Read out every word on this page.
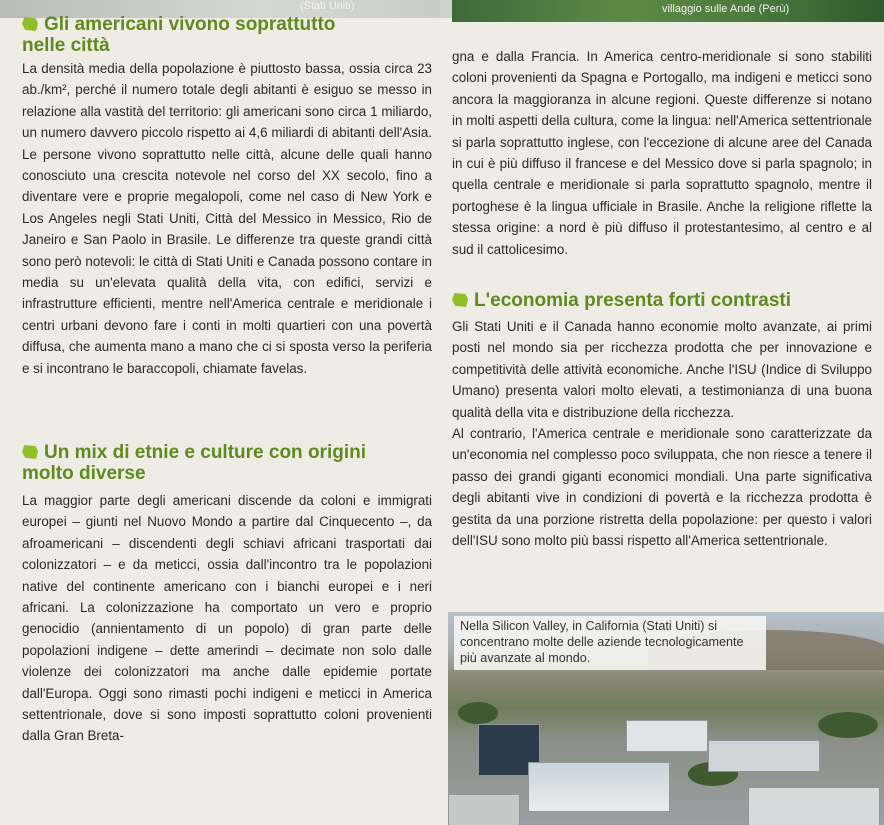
(Stati Uniti)	villaggio sulle Ande (Perù)
Gli americani vivono soprattutto nelle città

La densità media della popolazione è piuttosto bassa, ossia circa 23 ab./km², perché il numero totale degli abitanti è esiguo se messo in relazione alla vastità del territorio: gli americani sono circa 1 miliardo, un numero davvero piccolo rispetto ai 4,6 miliardi di abitanti dell'Asia. Le persone vivono soprattutto nelle città, alcune delle quali hanno conosciuto una crescita notevole nel corso del XX secolo, fino a diventare vere e proprie megalopoli, come nel caso di New York e Los Angeles negli Stati Uniti, Città del Messico in Messico, Rio de Janeiro e San Paolo in Brasile. Le differenze tra queste grandi città sono però notevoli: le città di Stati Uniti e Canada possono contare in media su un'elevata qualità della vita, con edifici, servizi e infrastrutture efficienti, mentre nell'America centrale e meridionale i centri urbani devono fare i conti in molti quartieri con una povertà diffusa, che aumenta mano a mano che ci si sposta verso la periferia e si incontrano le baraccopoli, chiamate favelas.

Un mix di etnie e culture con origini molto diverse

La maggior parte degli americani discende da coloni e immigrati europei – giunti nel Nuovo Mondo a partire dal Cinquecento –, da afroamericani – discendenti degli schiavi africani trasportati dai colonizzatori – e da meticci, ossia dall'incontro tra le popolazioni native del continente americano con i bianchi europei e i neri africani. La colonizzazione ha comportato un vero e proprio genocidio (annientamento di un popolo) di gran parte delle popolazioni indigene – dette amerindi – decimate non solo dalle violenze dei colonizzatori ma anche dalle epidemie portate dall'Europa. Oggi sono rimasti pochi indigeni e meticci in America settentrionale, dove si sono imposti soprattutto coloni provenienti dalla Gran Breta-

gna e dalla Francia. In America centro-meridionale si sono stabiliti coloni provenienti da Spagna e Portogallo, ma indigeni e meticci sono ancora la maggioranza in alcune regioni. Queste differenze si notano in molti aspetti della cultura, come la lingua: nell'America settentrionale si parla soprattutto inglese, con l'eccezione di alcune aree del Canada in cui è più diffuso il francese e del Messico dove si parla spagnolo; in quella centrale e meridionale si parla soprattutto spagnolo, mentre il portoghese è la lingua ufficiale in Brasile. Anche la religione riflette la stessa origine: a nord è più diffuso il protestantesimo, al centro e al sud il cattolicesimo.

L'economia presenta forti contrasti

Gli Stati Uniti e il Canada hanno economie molto avanzate, ai primi posti nel mondo sia per ricchezza prodotta che per innovazione e competitività delle attività economiche. Anche l'ISU (Indice di Sviluppo Umano) presenta valori molto elevati, a testimonianza di una buona qualità della vita e distribuzione della ricchezza.

Al contrario, l'America centrale e meridionale sono caratterizzate da un'economia nel complesso poco sviluppata, che non riesce a tenere il passo dei grandi giganti economici mondiali. Una parte significativa degli abitanti vive in condizioni di povertà e la ricchezza prodotta è gestita da una porzione ristretta della popolazione: per questo i valori dell'ISU sono molto più bassi rispetto all'America settentrionale.

Nella Silicon Valley, in California (Stati Uniti) si concentrano molte delle aziende tecnologicamente più avanzate al mondo.
